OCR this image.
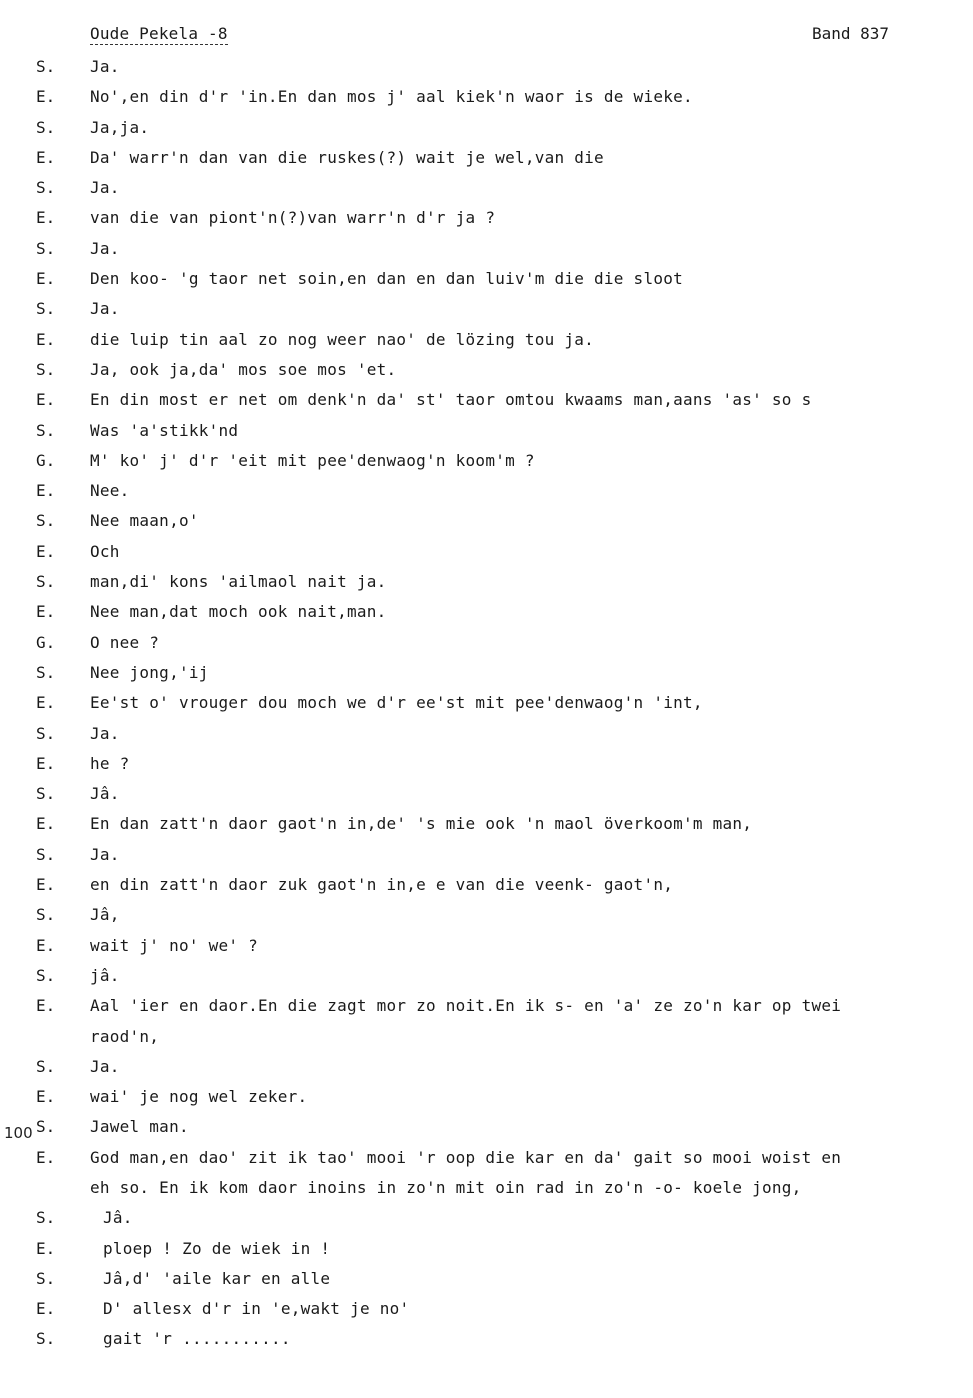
Oude Pekela -8	Band 837
100
S.	Ja.
E.	No',en din d'r 'in.En dan mos j' aal kiek'n waor is de wieke.
S.	Ja,ja.
E.	Da' warr'n dan van die ruskes(?) wait je wel,van die
S.	Ja.
E.	van die van piont'n(?)van warr'n d'r ja ?
S.	Ja.
E.	Den koo- 'g taor net soin,en dan en dan luiv'm die die sloot
S.	Ja.
E.	die luip tin aal zo nog weer nao' de lözing tou ja.
S.	Ja, ook ja,da' mos soe mos 'et.
E.	En din most er net om denk'n da' st' taor omtou kwaams man,aans 'as' so s
S.	Was 'a'stikk'nd
G.	M' ko' j' d'r 'eit mit pee'denwaog'n koom'm ?
E.	Nee.
S.	Nee maan,o'
E.	Och
S.	man,di' kons 'ailmaol nait ja.
E.	Nee man,dat moch ook nait,man.
G.	O nee ?
S.	Nee jong,'ij
E.	Ee'st o' vrouger dou moch we d'r ee'st mit pee'denwaog'n 'int,
S.	Ja.
E.	he ?
S.	Jâ.
E.	En dan zatt'n daor gaot'n in,de' 's mie ook 'n maol överkoom'm man,
S.	Ja.
E.	en din zatt'n daor zuk gaot'n in,e e van die veenk- gaot'n,
S.	Jâ,
E.	wait j' no' we' ?
S.	jâ.
E.	Aal 'ier en daor.En die zagt mor zo noit.En ik s- en 'a' ze zo'n kar op twei
raod'n,
S.	Ja.
E.	wai' je nog wel zeker.
S.	Jawel man.
E.	God man,en dao' zit ik tao' mooi 'r oop die kar en da' gait so mooi woist en
eh so. En ik kom daor inoins in zo'n mit oin rad in zo'n -o- koele jong,
S.	Jâ.
E.	ploep ! Zo de wiek in !
S.	Jâ,d' 'aile kar en alle
E.	D' allesx d'r in 'e,wakt je no'
S.	gait 'r ...........
